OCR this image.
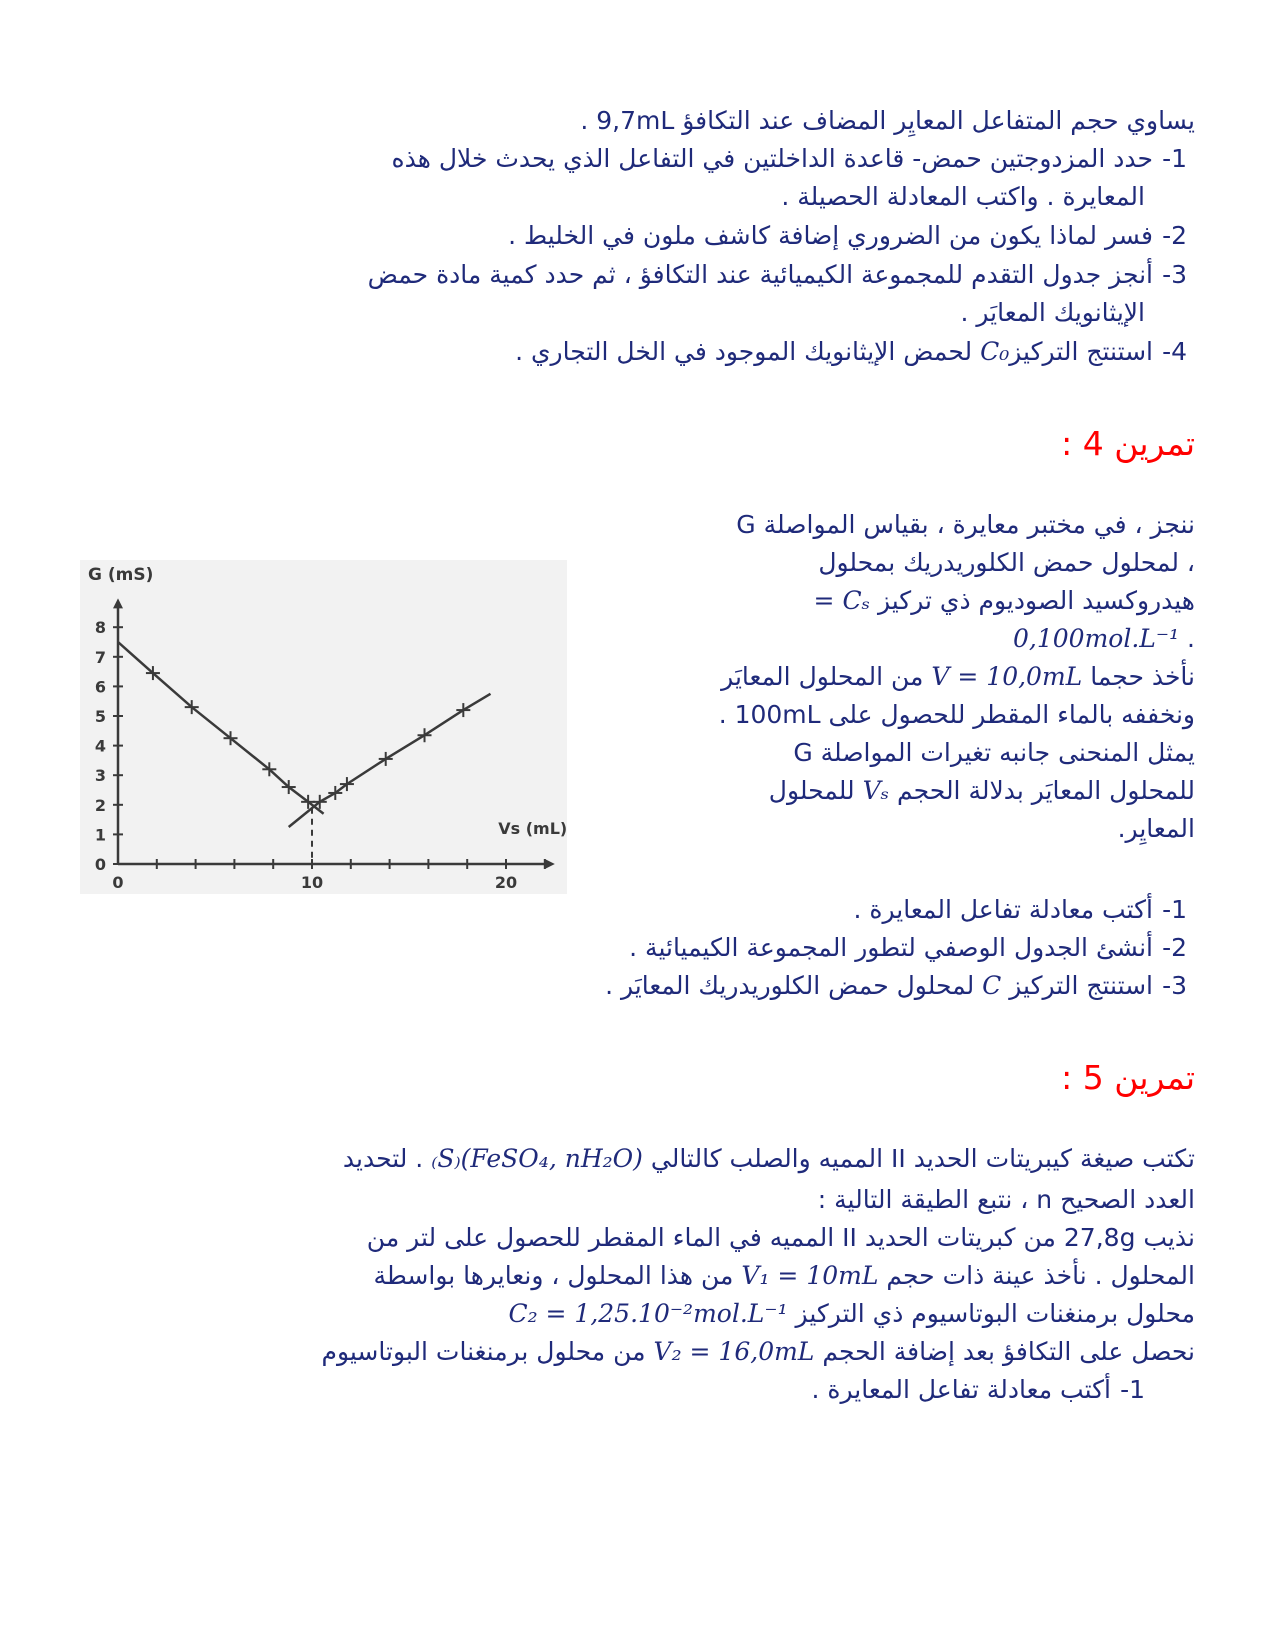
يساوي حجم المتفاعل المعايِر المضاف عند التكافؤ 9,7mL .
1-حدد المزدوجتين حمض- قاعدة الداخلتين في التفاعل الذي يحدث خلال هذه
المعايرة . واكتب المعادلة الحصيلة .
2-فسر لماذا يكون من الضروري إضافة كاشف ملون في الخليط .
3-أنجز جدول التقدم للمجموعة الكيميائية عند التكافؤ ، ثم حدد كمية مادة حمض
الإيثانويك المعايَر .
4-استنتج التركيزC₀ لحمض الإيثانويك الموجود في الخل التجاري .
تمرين 4 :
ننجز ، في مختبر معايرة ، بقياس المواصلة G
، لمحلول حمض الكلوريدريك بمحلول
هيدروكسيد الصوديوم ذي تركيز Cₛ =
. 0,100mol.L⁻¹
نأخذ حجما V = 10,0mL من المحلول المعايَر
ونخففه بالماء المقطر للحصول على 100mL .
يمثل المنحنى جانبه تغيرات المواصلة G
للمحلول المعايَر بدلالة الحجم Vₛ للمحلول
المعايِر.
0
1
2
3
4
5
6
7
8
0	10	20
G (mS)
Vs (mL)
1-أكتب معادلة تفاعل المعايرة .
2-أنشئ الجدول الوصفي لتطور المجموعة الكيميائية .
3-استنتج التركيز C لمحلول حمض الكلوريدريك المعايَر .
تمرين 5 :
تكتب صيغة كيبريتات الحديد II المميه والصلب كالتالي (FeSO₄, nH₂O)₍S₎ . لتحديد
العدد الصحيح n ، نتبع الطيقة التالية :
نذيب 27,8g من كبريتات الحديد II المميه في الماء المقطر للحصول على لتر من
المحلول . نأخذ عينة ذات حجم V₁ = 10mL من هذا المحلول ، ونعايرها بواسطة
محلول برمنغنات البوتاسيوم ذي التركيز C₂ = 1,25.10⁻²mol.L⁻¹
نحصل على التكافؤ بعد إضافة الحجم V₂ = 16,0mL من محلول برمنغنات البوتاسيوم
1-أكتب معادلة تفاعل المعايرة .
